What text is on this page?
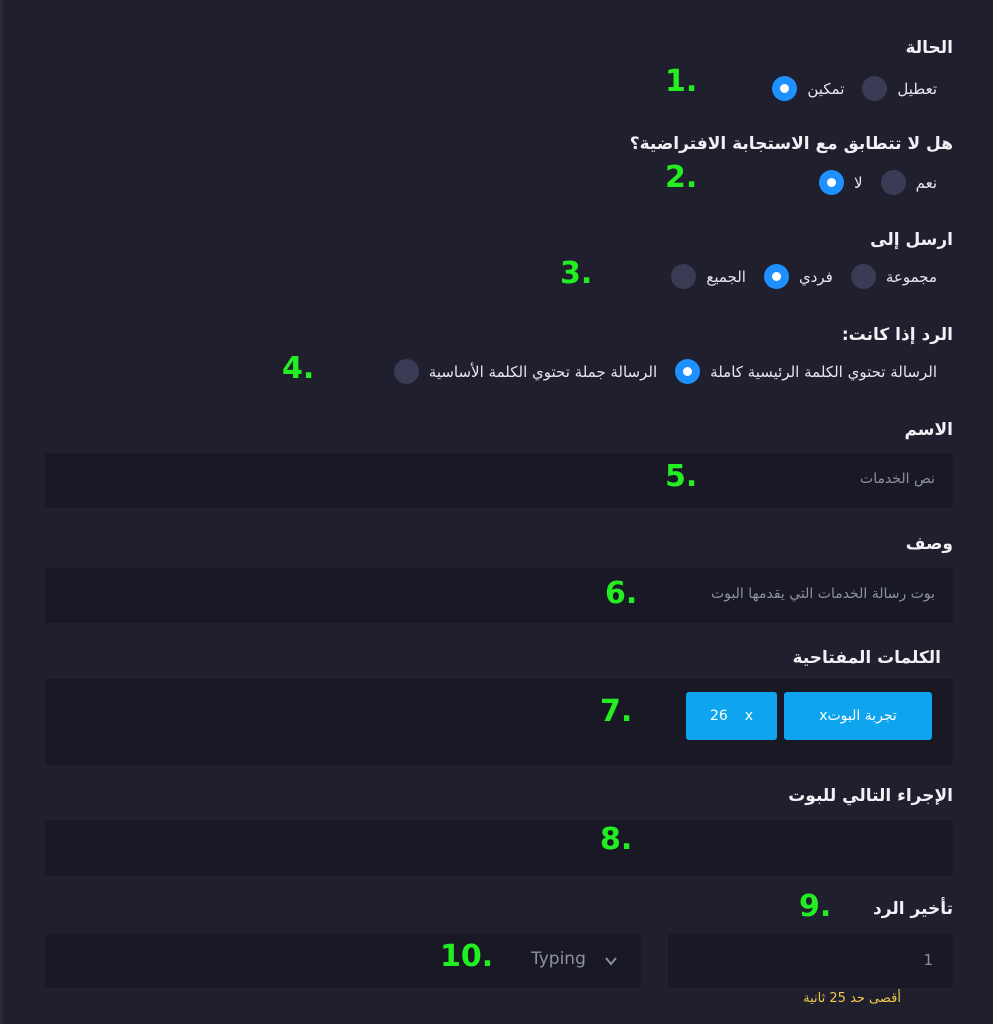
الحالة
تمكين	تعطيل
1.
هل لا تتطابق مع الاستجابة الافتراضية؟
لا	نعم
2.
ارسل إلى
الجميع	فردي	مجموعة
3.
الرد إذا كانت:
الرسالة جملة تحتوي الكلمة الأساسية	الرسالة تحتوي الكلمة الرئيسية كاملة
4.
الاسم
نص الخدمات
5.
وصف
بوت رسالة الخدمات التي يقدمها البوت
6.
الكلمات المفتاحية
تجربة البوت
x
26 x
7.
الإجراء التالي للبوت
8.
تأخير الرد
9.
1
أقصى حد 25 ثانية
Typing
10.
